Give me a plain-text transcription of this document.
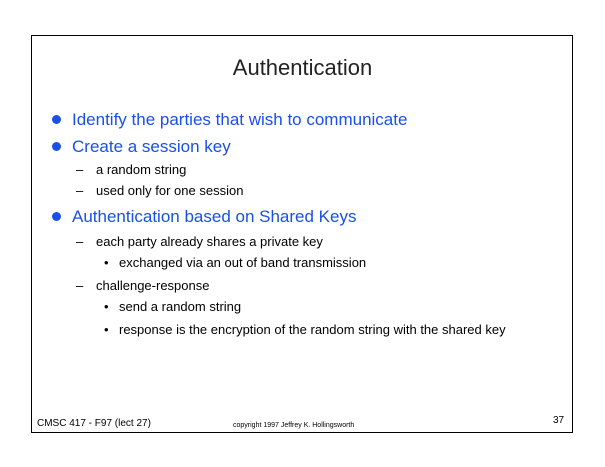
Authentication
Identify the parties that wish to communicate
Create a session key
– a random string
– used only for one session
Authentication based on Shared Keys
– each party already shares a private key
• exchanged via an out of band transmission
– challenge-response
• send a random string
• response is the encryption of the random string with the shared key
CMSC 417 - F97 (lect 27)	copyright 1997 Jeffrey K. Hollingsworth	37
